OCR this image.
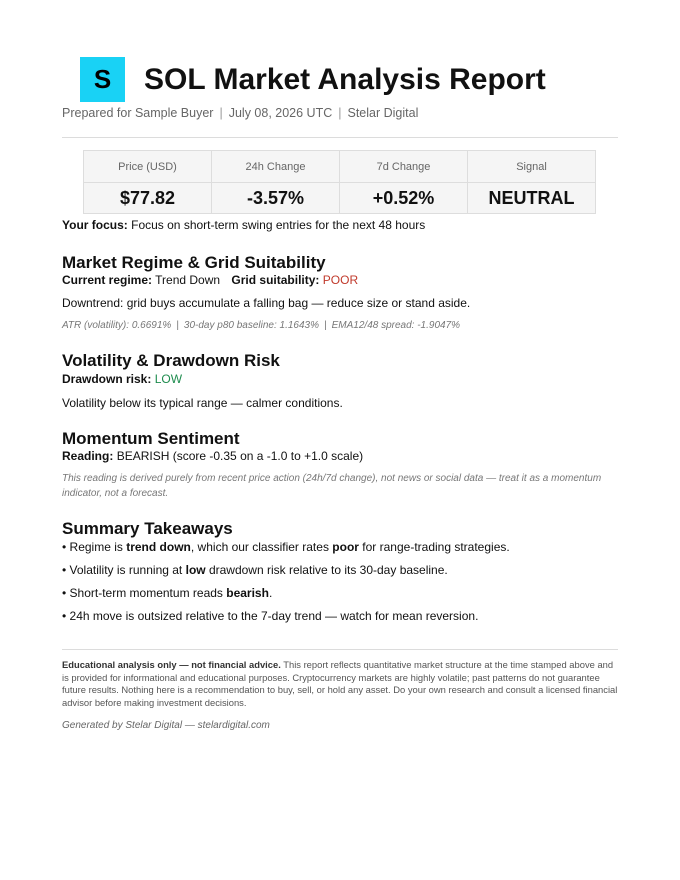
S	SOL Market Analysis Report
Prepared for Sample Buyer | July 08, 2026 UTC | Stelar Digital
Price (USD)	24h Change	7d Change	Signal
$77.82	-3.57%	+0.52%	NEUTRAL
Your focus: Focus on short-term swing entries for the next 48 hours
Market Regime & Grid Suitability
Current regime: Trend Down Grid suitability: POOR
Downtrend: grid buys accumulate a falling bag — reduce size or stand aside.
ATR (volatility): 0.6691% | 30-day p80 baseline: 1.1643% | EMA12/48 spread: -1.9047%
Volatility & Drawdown Risk
Drawdown risk: LOW
Volatility below its typical range — calmer conditions.
Momentum Sentiment
Reading: BEARISH (score -0.35 on a -1.0 to +1.0 scale)
This reading is derived purely from recent price action (24h/7d change), not news or social data — treat it as a momentum indicator, not a forecast.
Summary Takeaways
• Regime is trend down, which our classifier rates poor for range-trading strategies.
• Volatility is running at low drawdown risk relative to its 30-day baseline.
• Short-term momentum reads bearish.
• 24h move is outsized relative to the 7-day trend — watch for mean reversion.
Educational analysis only — not financial advice. This report reflects quantitative market structure at the time stamped above and is provided for informational and educational purposes. Cryptocurrency markets are highly volatile; past patterns do not guarantee future results. Nothing here is a recommendation to buy, sell, or hold any asset. Do your own research and consult a licensed financial advisor before making investment decisions.
Generated by Stelar Digital — stelardigital.com
